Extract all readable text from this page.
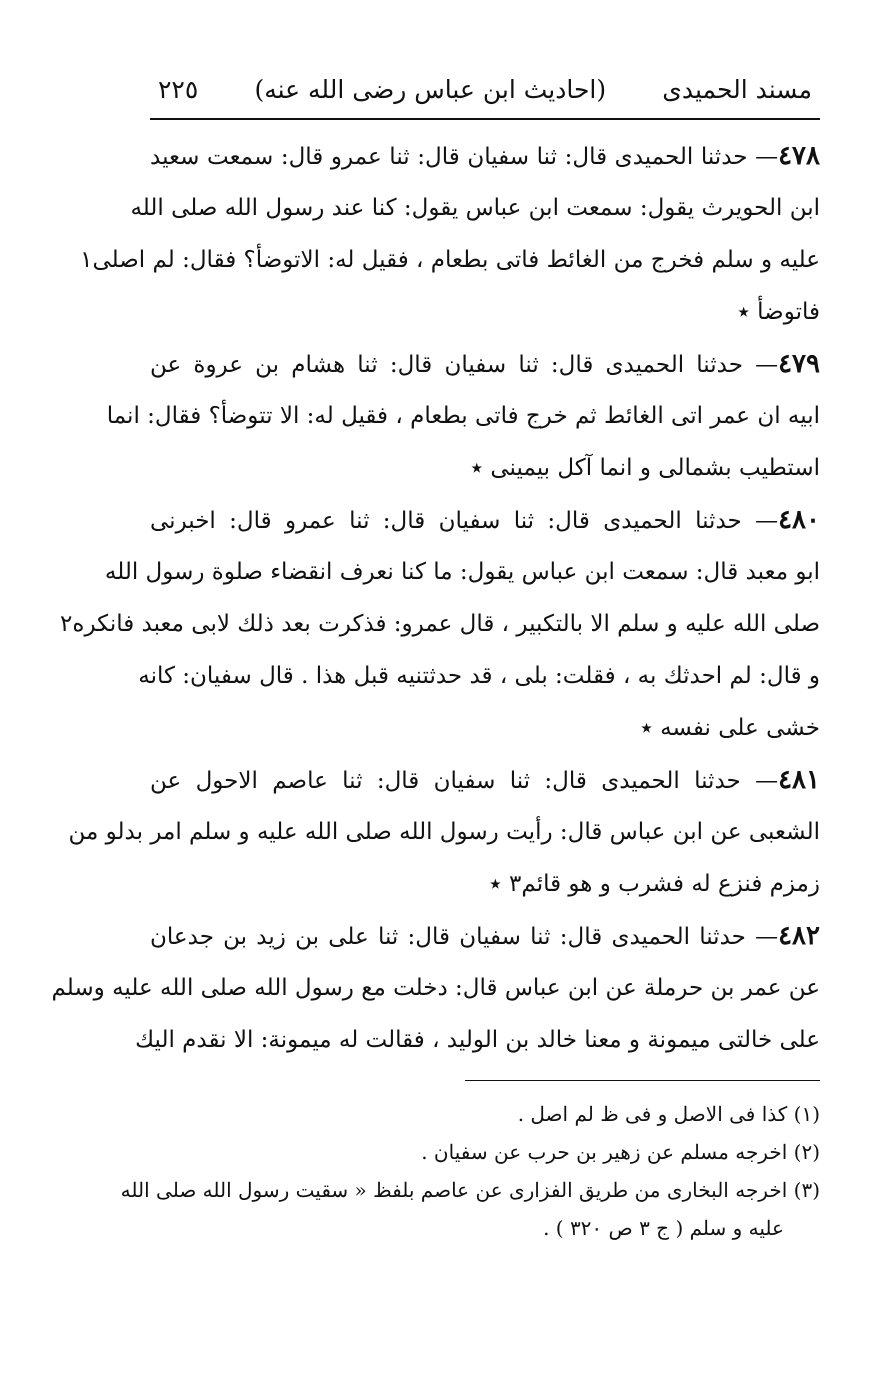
مسند الحميدى
(احاديث ابن عباس رضى الله عنه)
٢٢٥
٤٧٨— حدثنا الحميدى قال: ثنا سفيان قال: ثنا عمرو قال: سمعت سعيد
ابن الحويرث يقول: سمعت ابن عباس يقول: كنا عند رسول الله صلى الله
عليه و سلم فخرج من الغائط فاتى بطعام ، فقيل له: الاتوضأ؟ فقال: لم اصلى١
فاتوضأ ٭
٤٧٩— حدثنا الحميدى قال: ثنا سفيان قال: ثنا هشام بن عروة عن
ابيه ان عمر اتى الغائط ثم خرج فاتى بطعام ، فقيل له: الا تتوضأ؟ فقال: انما
استطيب بشمالى و انما آكل بيمينى ٭
٤٨٠— حدثنا الحميدى قال: ثنا سفيان قال: ثنا عمرو قال: اخبرنى
ابو معبد قال: سمعت ابن عباس يقول: ما كنا نعرف انقضاء صلوة رسول الله
صلى الله عليه و سلم الا بالتكبير ، قال عمرو: فذكرت بعد ذلك لابى معبد فانكره٢
و قال: لم احدثك به ، فقلت: بلى ، قد حدثتنيه قبل هذا . قال سفيان: كانه
خشى على نفسه ٭
٤٨١— حدثنا الحميدى قال: ثنا سفيان قال: ثنا عاصم الاحول عن
الشعبى عن ابن عباس قال: رأيت رسول الله صلى الله عليه و سلم امر بدلو من
زمزم فنزع له فشرب و هو قائم٣ ٭
٤٨٢— حدثنا الحميدى قال: ثنا سفيان قال: ثنا على بن زيد بن جدعان
عن عمر بن حرملة عن ابن عباس قال: دخلت مع رسول الله صلى الله عليه وسلم
على خالتى ميمونة و معنا خالد بن الوليد ، فقالت له ميمونة: الا نقدم اليك
(١) كذا فى الاصل و فى ظ لم اصل .
(٢) اخرجه مسلم عن زهير بن حرب عن سفيان .
(٣) اخرجه البخارى من طريق الفزارى عن عاصم بلفظ « سقيت رسول الله صلى الله
عليه و سلم ( ج ٣ ص ٣٢٠ ) .
